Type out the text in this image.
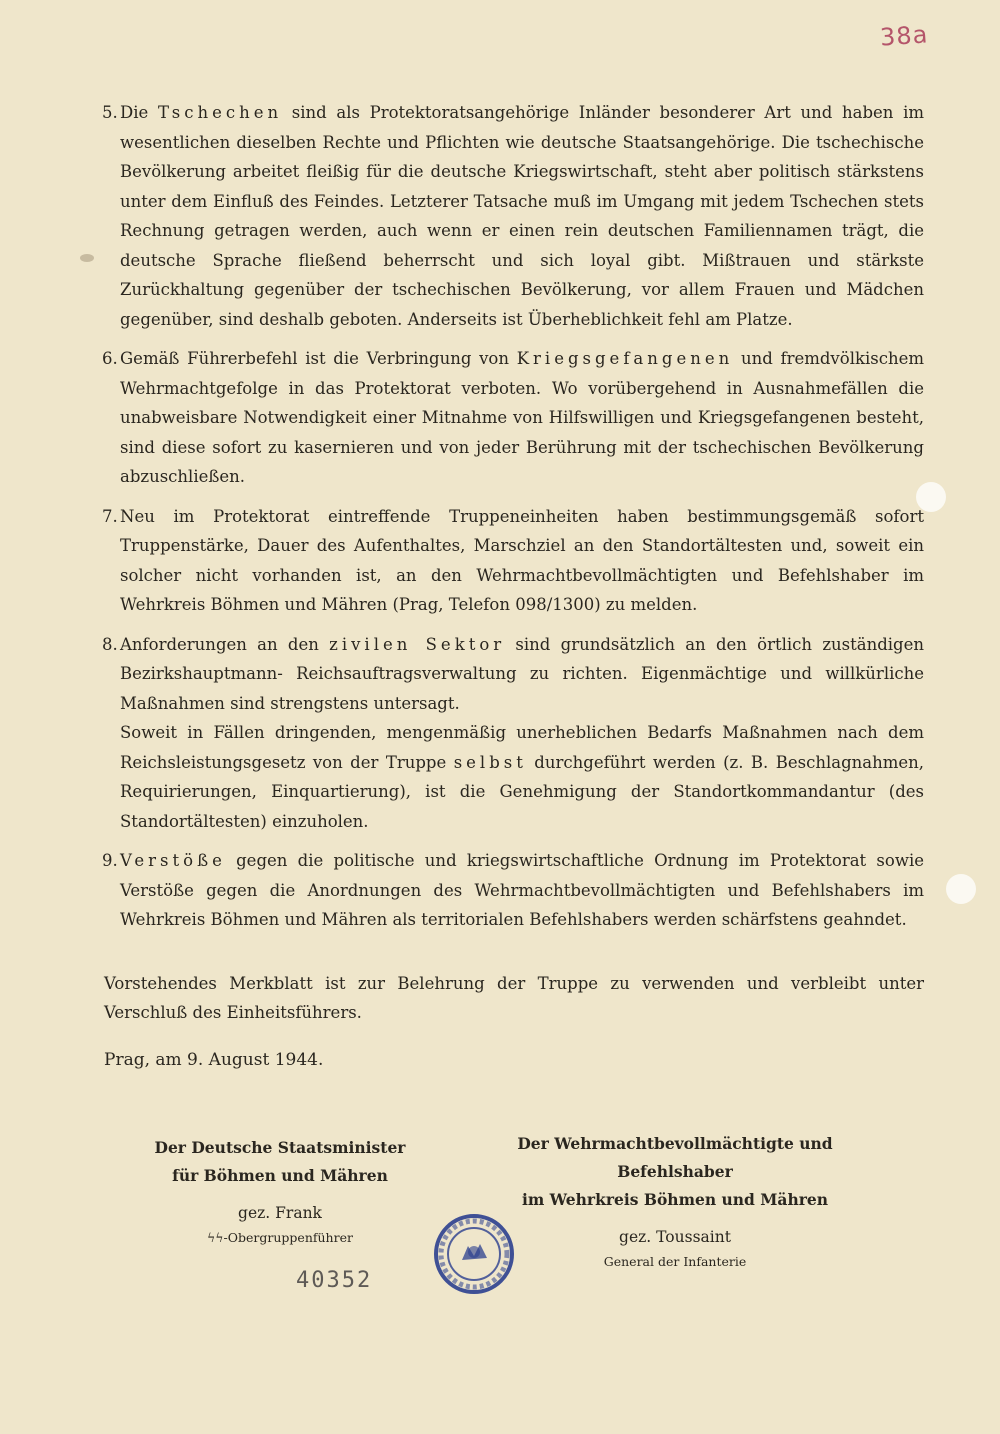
38a
5. Die Tschechen sind als Protektoratsangehörige Inländer besonderer Art und haben im wesentlichen dieselben Rechte und Pflichten wie deutsche Staatsangehörige. Die tschechische Bevölkerung arbeitet fleißig für die deutsche Kriegswirtschaft, steht aber politisch stärkstens unter dem Einfluß des Feindes. Letzterer Tatsache muß im Umgang mit jedem Tschechen stets Rechnung getragen werden, auch wenn er einen rein deutschen Familiennamen trägt, die deutsche Sprache fließend beherrscht und sich loyal gibt. Mißtrauen und stärkste Zurückhaltung gegenüber der tschechischen Bevölkerung, vor allem Frauen und Mädchen gegenüber, sind deshalb geboten. Anderseits ist Überheblichkeit fehl am Platze.

6. Gemäß Führerbefehl ist die Verbringung von Kriegsgefangenen und fremdvölkischem Wehrmachtgefolge in das Protektorat verboten. Wo vorübergehend in Ausnahmefällen die unabweisbare Notwendigkeit einer Mitnahme von Hilfswilligen und Kriegsgefangenen besteht, sind diese sofort zu kasernieren und von jeder Berührung mit der tschechischen Bevölkerung abzuschließen.

7. Neu im Protektorat eintreffende Truppeneinheiten haben bestimmungsgemäß sofort Truppenstärke, Dauer des Aufenthaltes, Marschziel an den Standortältesten und, soweit ein solcher nicht vorhanden ist, an den Wehrmachtbevollmächtigten und Befehlshaber im Wehrkreis Böhmen und Mähren (Prag, Telefon 098/1300) zu melden.

8. Anforderungen an den zivilen Sektor sind grundsätzlich an den örtlich zuständigen Bezirkshauptmann- Reichsauftragsverwaltung zu richten. Eigenmächtige und willkürliche Maßnahmen sind strengstens untersagt.

Soweit in Fällen dringenden, mengenmäßig unerheblichen Bedarfs Maßnahmen nach dem Reichsleistungsgesetz von der Truppe selbst durchgeführt werden (z. B. Beschlagnahmen, Requirierungen, Einquartierung), ist die Genehmigung der Standortkommandantur (des Standortältesten) einzuholen.

9. Verstöße gegen die politische und kriegswirtschaftliche Ordnung im Protektorat sowie Verstöße gegen die Anordnungen des Wehrmachtbevollmächtigten und Befehlshabers im Wehrkreis Böhmen und Mähren als territorialen Befehlshabers werden schärfstens geahndet.

Vorstehendes Merkblatt ist zur Belehrung der Truppe zu verwenden und verbleibt unter Verschluß des Einheitsführers.

Prag, am 9. August 1944.
Der Deutsche Staatsminister
für Böhmen und Mähren
gez. Frank
ϟϟ-Obergruppenführer
Der Wehrmachtbevollmächtigte und Befehlshaber
im Wehrkreis Böhmen und Mähren
gez. Toussaint
General der Infanterie
40352
